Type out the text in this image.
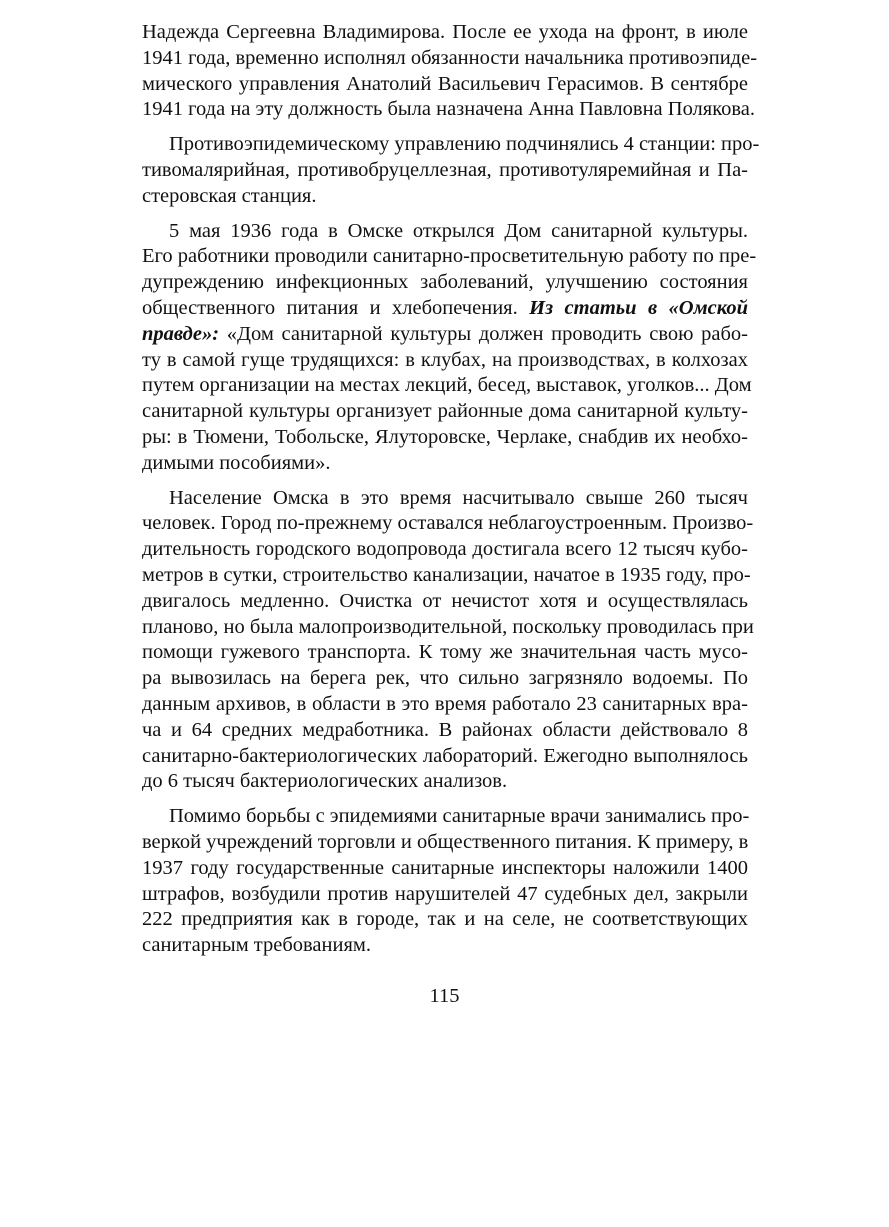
Надежда Сергеевна Владимирова. После ее ухода на фронт, в июле
1941 года, временно исполнял обязанности начальника противоэпиде-
мического управления Анатолий Васильевич Герасимов. В сентябре
1941 года на эту должность была назначена Анна Павловна Полякова.
Противоэпидемическому управлению подчинялись 4 станции: про-
тивомалярийная, противобруцеллезная, противотуляремийная и Па-
стеровская станция.
5 мая 1936 года в Омске открылся Дом санитарной культуры.
Его работники проводили санитарно-просветительную работу по пре-
дупреждению инфекционных заболеваний, улучшению состояния
общественного питания и хлебопечения. Из статьи в «Омской
правде»: «Дом санитарной культуры должен проводить свою рабо-
ту в самой гуще трудящихся: в клубах, на производствах, в колхозах
путем организации на местах лекций, бесед, выставок, уголков... Дом
санитарной культуры организует районные дома санитарной культу-
ры: в Тюмени, Тобольске, Ялуторовске, Черлаке, снабдив их необхо-
димыми пособиями».
Население Омска в это время насчитывало свыше 260 тысяч
человек. Город по-прежнему оставался неблагоустроенным. Произво-
дительность городского водопровода достигала всего 12 тысяч кубо-
метров в сутки, строительство канализации, начатое в 1935 году, про-
двигалось медленно. Очистка от нечистот хотя и осуществлялась
планово, но была малопроизводительной, поскольку проводилась при
помощи гужевого транспорта. К тому же значительная часть мусо-
ра вывозилась на берега рек, что сильно загрязняло водоемы. По
данным архивов, в области в это время работало 23 санитарных вра-
ча и 64 средних медработника. В районах области действовало 8
санитарно-бактериологических лабораторий. Ежегодно выполнялось
до 6 тысяч бактериологических анализов.
Помимо борьбы с эпидемиями санитарные врачи занимались про-
веркой учреждений торговли и общественного питания. К примеру, в
1937 году государственные санитарные инспекторы наложили 1400
штрафов, возбудили против нарушителей 47 судебных дел, закрыли
222 предприятия как в городе, так и на селе, не соответствующих
санитарным требованиям.
115
